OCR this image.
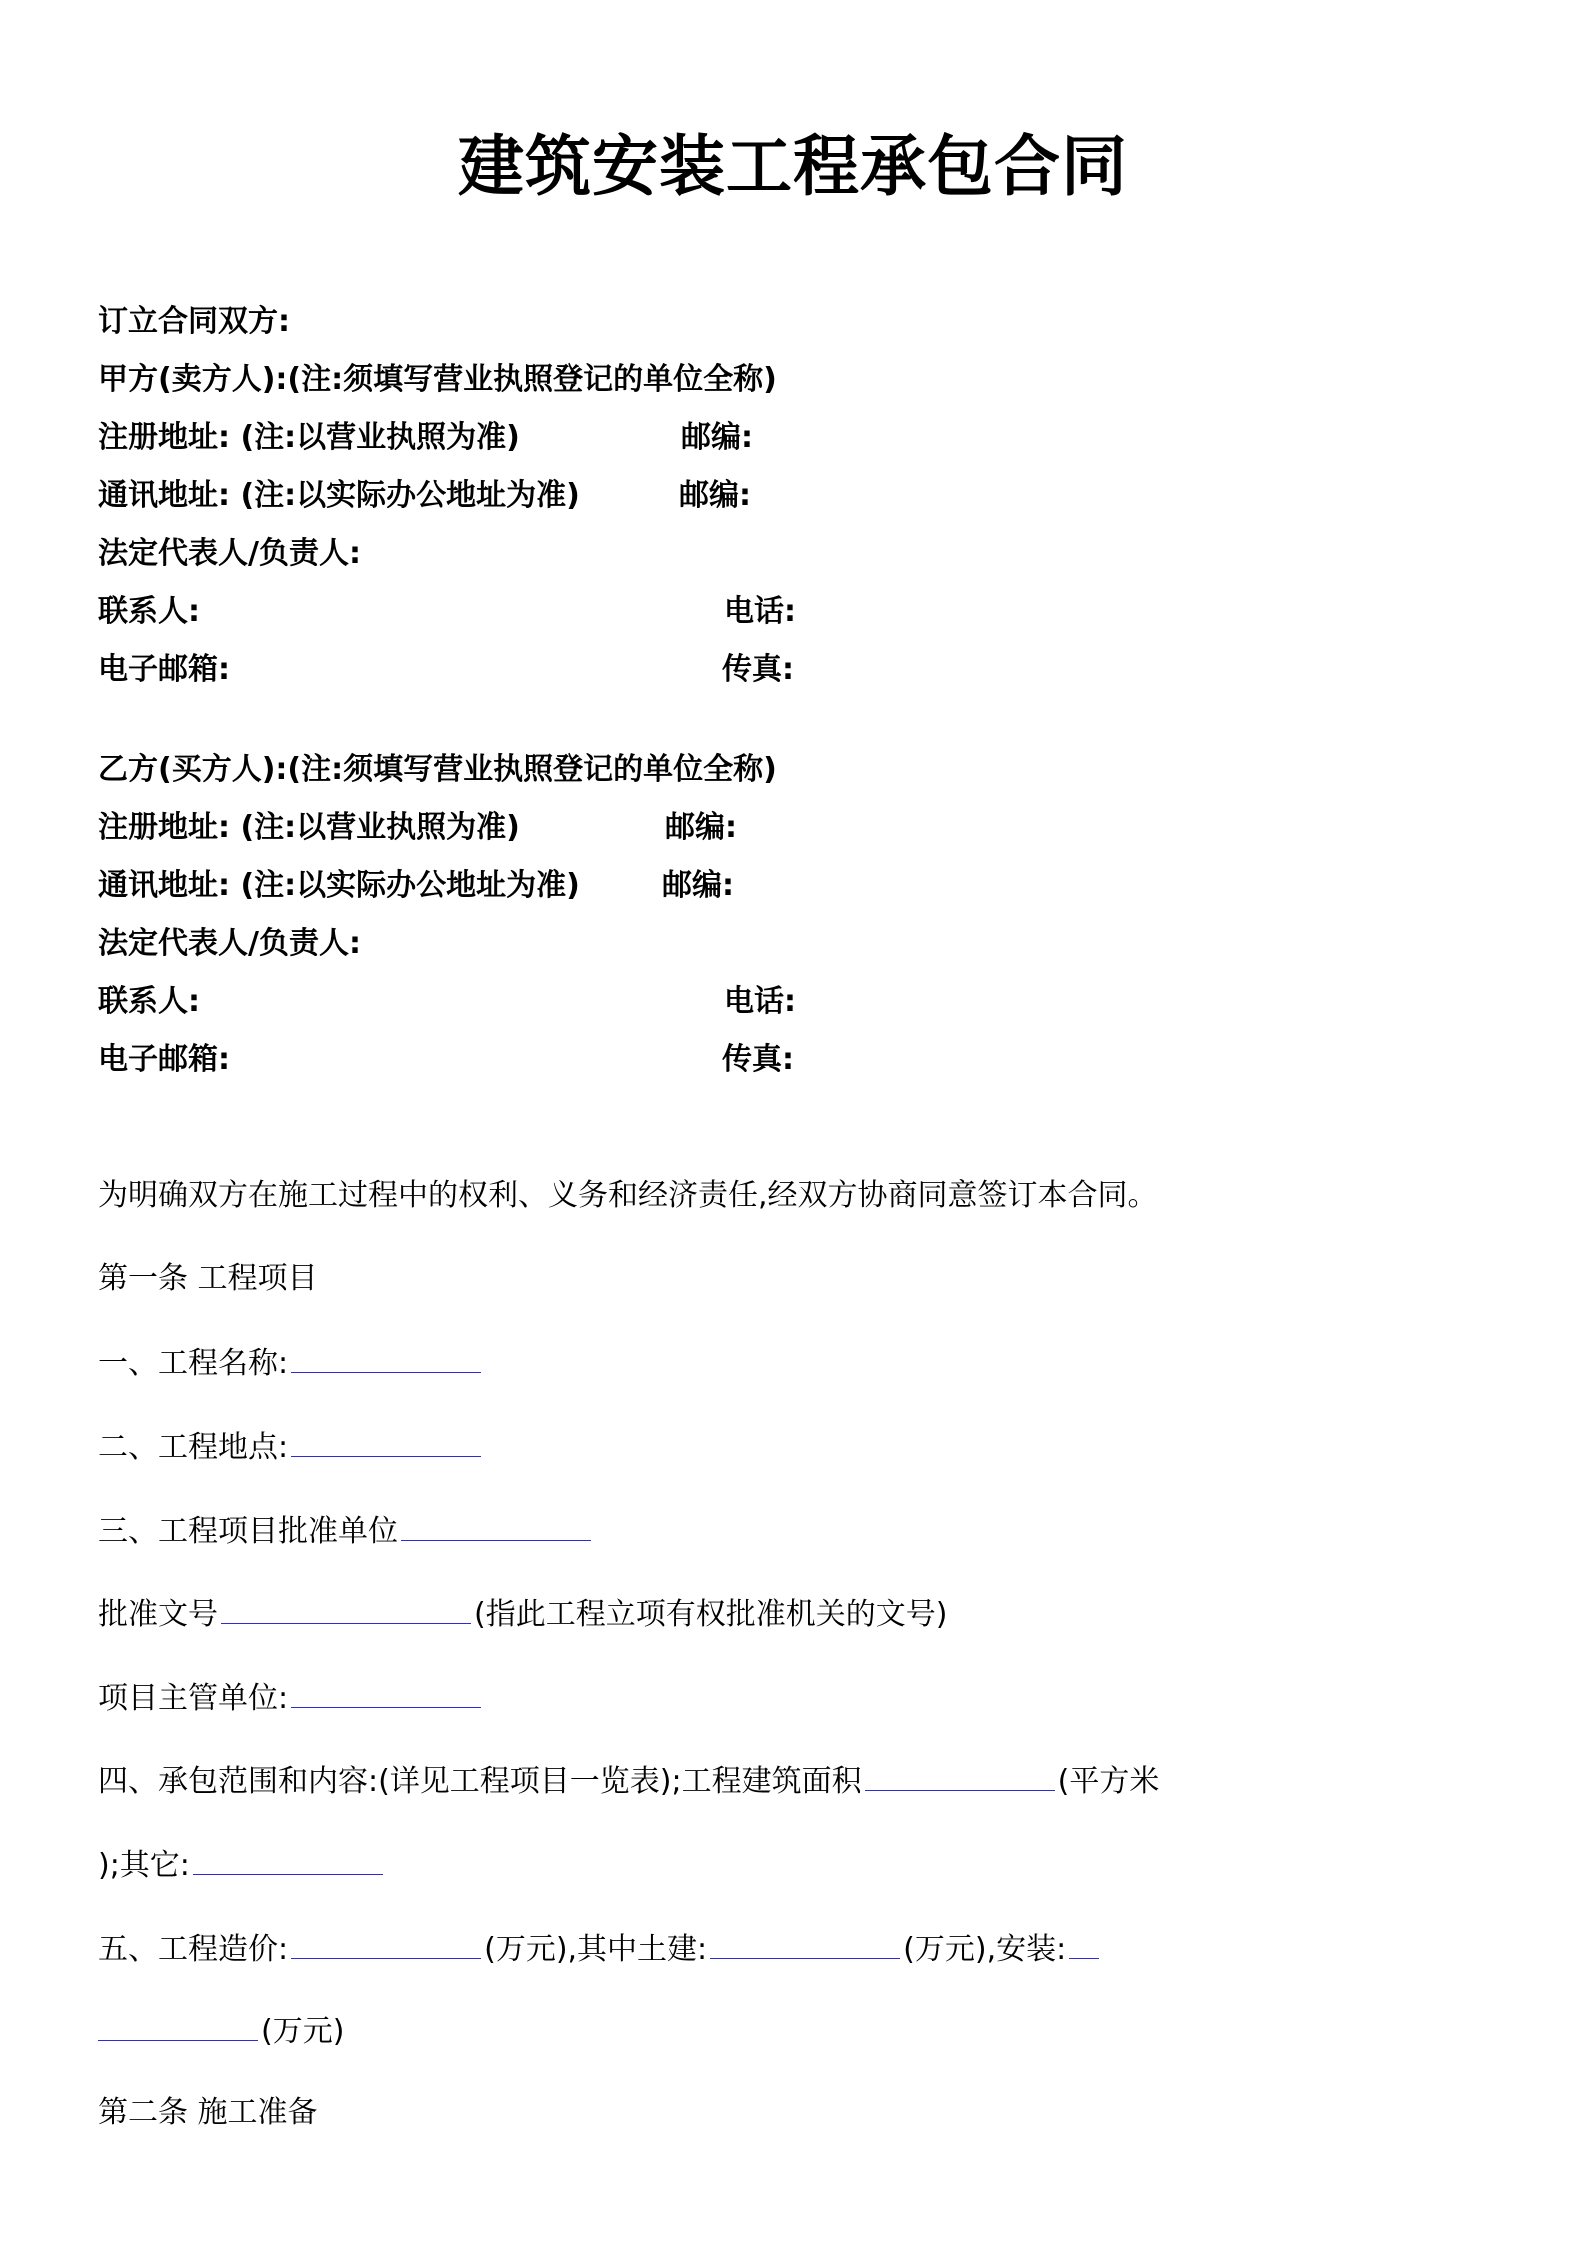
建筑安装工程承包合同
订立合同双方:
甲方(卖方人):(注:须填写营业执照登记的单位全称)
注册地址: (注:以营业执照为准)	邮编:
通讯地址: (注:以实际办公地址为准)	邮编:
法定代表人/负责人:
联系人:	电话:
电子邮箱:	传真:
乙方(买方人):(注:须填写营业执照登记的单位全称)
注册地址: (注:以营业执照为准)	邮编:
通讯地址: (注:以实际办公地址为准)	邮编:
法定代表人/负责人:
联系人:	电话:
电子邮箱:	传真:
为明确双方在施工过程中的权利、义务和经济责任,经双方协商同意签订本合同。
第一条 工程项目
一、工程名称:
二、工程地点:
三、工程项目批准单位
批准文号	(指此工程立项有权批准机关的文号)
项目主管单位:
四、承包范围和内容:(详见工程项目一览表);工程建筑面积	(平方米
);其它:
五、工程造价:	(万元),其中土建:	(万元),安装:
(万元)
第二条 施工准备
